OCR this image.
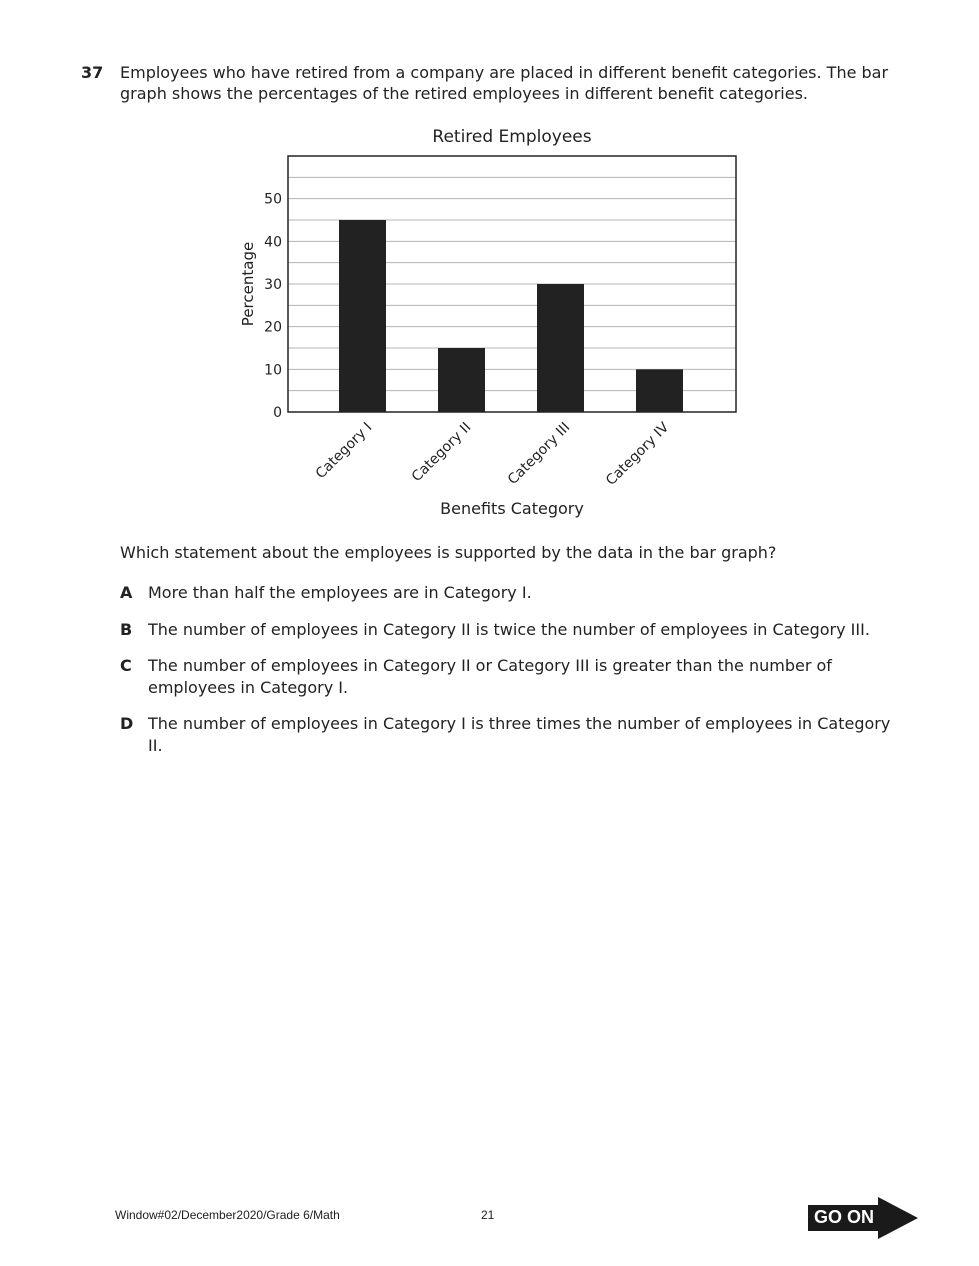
37 Employees who have retired from a company are placed in different benefit categories. The bar graph shows the percentages of the retired employees in different benefit categories.
Retired Employees
0
10
20
30
40
50
Category I Category II Category III Category IV
Percentage
Benefits Category
Which statement about the employees is supported by the data in the bar graph?
A More than half the employees are in Category I.
B The number of employees in Category II is twice the number of employees in Category III.
C The number of employees in Category II or Category III is greater than the number of employees in Category I.
D The number of employees in Category I is three times the number of employees in Category II.
Window#02/December2020/Grade 6/Math	21	GO ON
